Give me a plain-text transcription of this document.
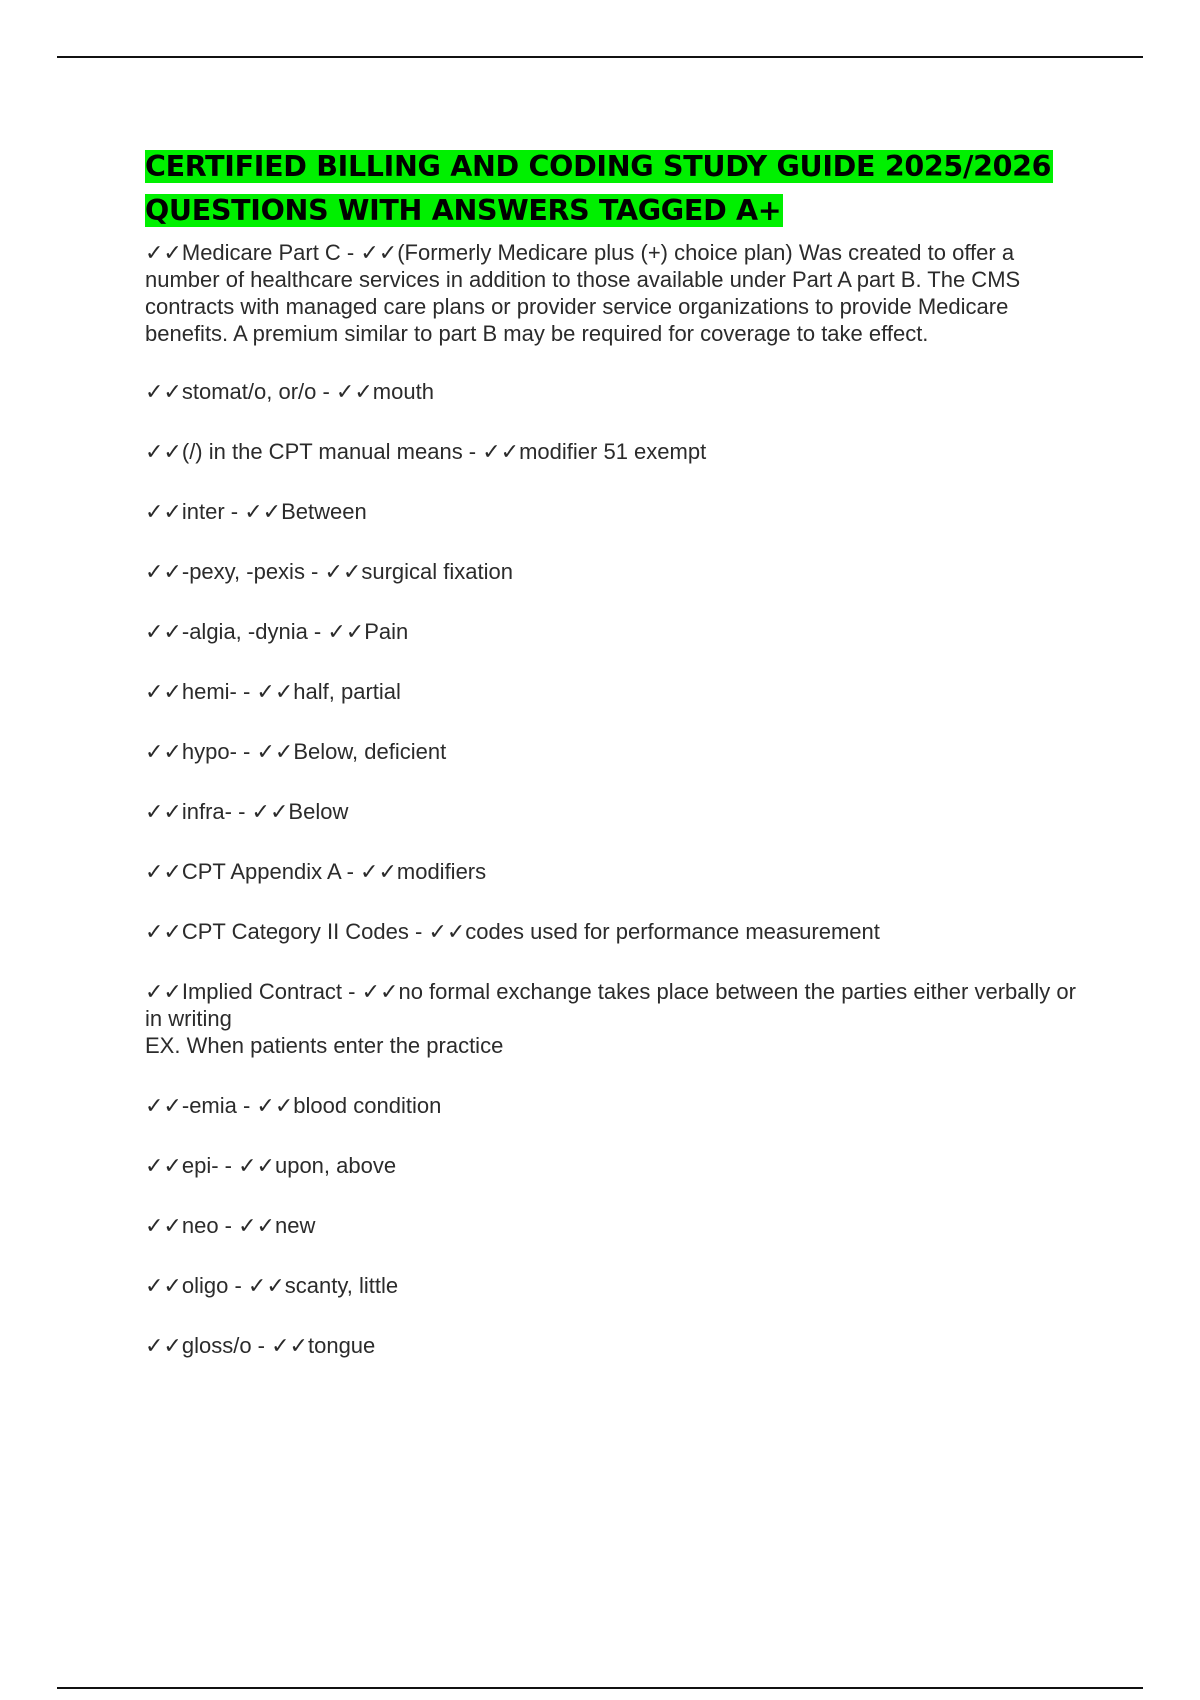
CERTIFIED BILLING AND CODING STUDY GUIDE 2025/2026 QUESTIONS WITH ANSWERS TAGGED A+
✓✓Medicare Part C - ✓✓(Formerly Medicare plus (+) choice plan) Was created to offer a number of healthcare services in addition to those available under Part A part B. The CMS contracts with managed care plans or provider service organizations to provide Medicare benefits. A premium similar to part B may be required for coverage to take effect.
✓✓stomat/o, or/o - ✓✓mouth
✓✓(/) in the CPT manual means - ✓✓modifier 51 exempt
✓✓inter - ✓✓Between
✓✓-pexy, -pexis - ✓✓surgical fixation
✓✓-algia, -dynia - ✓✓Pain
✓✓hemi- - ✓✓half, partial
✓✓hypo- - ✓✓Below, deficient
✓✓infra- - ✓✓Below
✓✓CPT Appendix A - ✓✓modifiers
✓✓CPT Category II Codes - ✓✓codes used for performance measurement
✓✓Implied Contract - ✓✓no formal exchange takes place between the parties either verbally or in writing
EX. When patients enter the practice
✓✓-emia - ✓✓blood condition
✓✓epi- - ✓✓upon, above
✓✓neo - ✓✓new
✓✓oligo - ✓✓scanty, little
✓✓gloss/o - ✓✓tongue
